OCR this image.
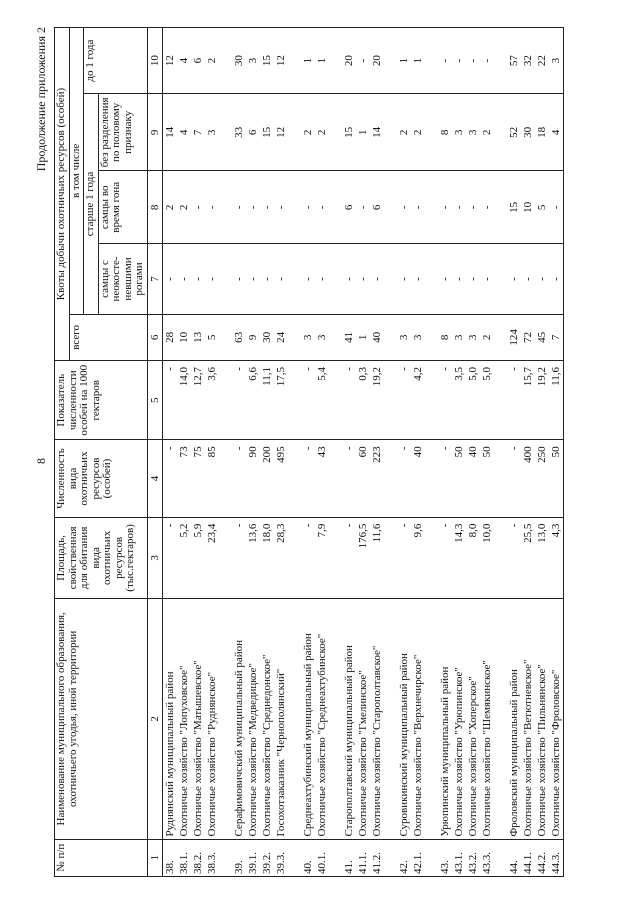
8
Продолжение приложения 2
№ п/п	Наименование муниципального образования, охотничьего угодья, иной территории	Площадь, свойственная для обитания вида охотничьих ресурсов (тыс.гектаров)	Численность вида охотничьих ресурсов (особей)	Показатель численности особей на 1000 гектаров	Квоты добычи охотничьих ресурсов (особей)				
					всего	в том числе			
						старше 1 года			до 1 года
						самцы с неокосте-невшими рогами	самцы во время гона	без разделения по половому признаку	
1	2	3	4	5	6	7	8	9	10
38.	Руднянский муниципальный район	-	-	-	28	-	2	14	12
38.1.	Охотничье хозяйство "Лопуховское"	5,2	73	14,0	10	-	2	4	4
38.2.	Охотничье хозяйство "Матышевское"	5,9	75	12,7	13	-	-	7	6
38.3.	Охотничье хозяйство "Руднянское"	23,4	85	3,6	5	-	-	3	2

39.	Серафимовичский муниципальный район	-	-	-	63	-	-	33	30
39.1.	Охотничье хозяйство "Медведицкое"	13,6	90	6,6	9	-	-	6	3
39.2.	Охотничье хозяйство "Среднедонское"	18,0	200	11,1	30	-	-	15	15
39.3.	Госохотзаказник "Чернополянский"	28,3	495	17,5	24	-	-	12	12

40.	Среднеахтубинский муниципальный район	-	-	-	3	-	-	2	1
40.1.	Охотничье хозяйство "Среднеахтубинское"	7,9	43	5,4	3	-	-	2	1

41.	Старополтавский муниципальный район	-	-	-	41	-	6	15	20
41.1.	Охотничье хозяйство "Гмелинское"	176,5	60	0,3	1	-	-	1	-
41.2.	Охотничье хозяйство "Старополтавское"	11,6	223	19,2	40	-	6	14	20

42.	Суровикинский муниципальный район	-	-	-	3	-	-	2	1
42.1.	Охотничье хозяйство "Верхнечирское"	9,6	40	4,2	3	-	-	2	1

43.	Урюпинский муниципальный район	-	-	-	8	-	-	8	-
43.1.	Охотничье хозяйство "Урюпинское"	14,3	50	3,5	3	-	-	3	-
43.2.	Охотничье хозяйство "Хоперское"	8,0	40	5,0	3	-	-	3	-
43.3.	Охотничье хозяйство "Шемякинское"	10,0	50	5,0	2	-	-	2	-

44.	Фроловский муниципальный район	-	-	-	124	-	15	52	57
44.1.	Охотничье хозяйство "Ветютневское"	25,5	400	15,7	72	-	10	30	32
44.2.	Охотничье хозяйство "Пильнянское"	13,0	250	19,2	45	-	5	18	22
44.3.	Охотничье хозяйство "Фроловское"	4,3	50	11,6	7	-	-	4	3
